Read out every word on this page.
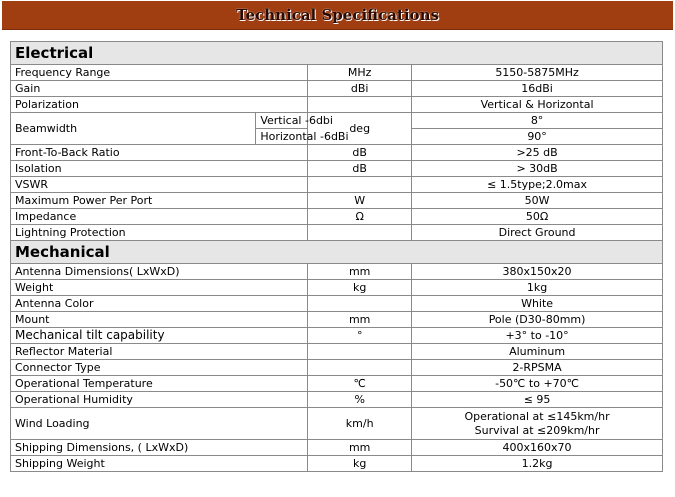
Technical Specifications
Electrical			
Frequency Range		MHz	5150-5875MHz
Gain		dBi	16dBi
Polarization			Vertical & Horizontal
Beamwidth	Vertical -6dbi	deg	8°
	Horizontal -6dBi		90°
Front-To-Back Ratio		dB	>25 dB
Isolation		dB	> 30dB
VSWR			≤ 1.5type;2.0max
Maximum Power Per Port		W	50W
Impedance		Ω	50Ω
Lightning Protection			Direct Ground
Mechanical			
Antenna Dimensions( LxWxD)		mm	380x150x20
Weight		kg	1kg
Antenna Color			White
Mount		mm	Pole (D30-80mm)
Mechanical tilt capability		°	+3° to -10°
Reflector Material			Aluminum
Connector Type			2-RPSMA
Operational Temperature		℃	-50℃ to +70℃
Operational Humidity		%	≤ 95
Wind Loading		km/h	Operational at ≤145km/hr
Survival at ≤209km/hr

Shipping Dimensions, ( LxWxD)		mm	400x160x70
Shipping Weight		kg	1.2kg
